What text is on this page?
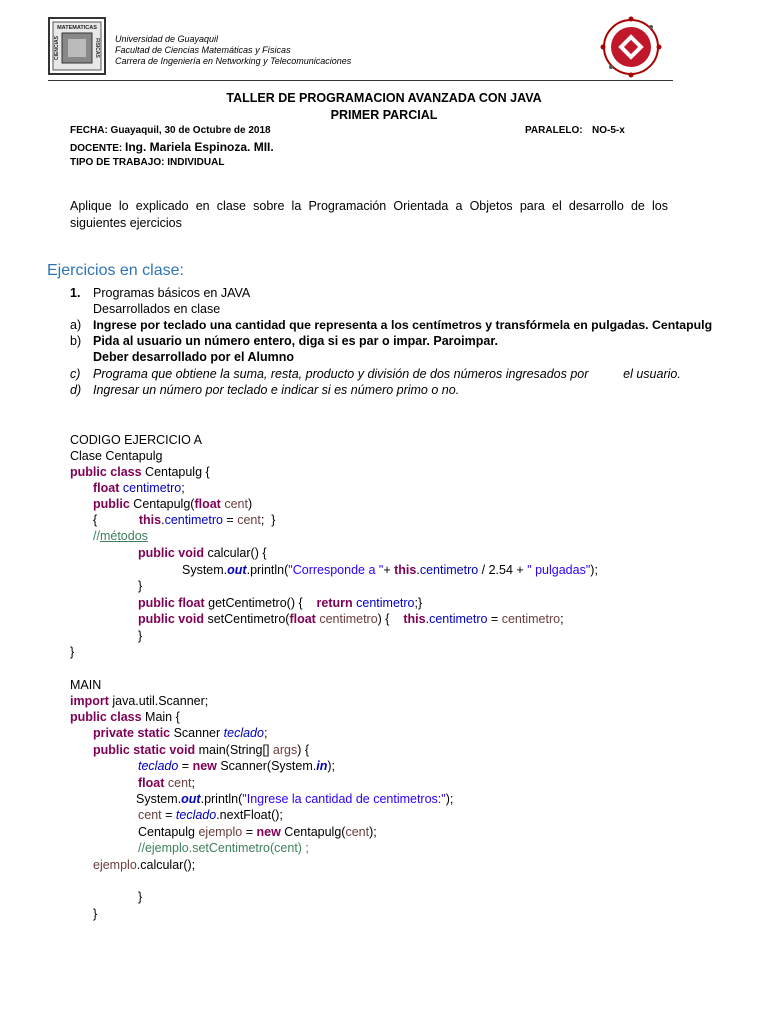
MATEMATICAS
CIENCIAS	FISICAS Universidad de Guayaquil
Facultad de Ciencias Matemáticas y Físicas
Carrera de Ingeniería en Networking y Telecomunicaciones
TALLER DE PROGRAMACION AVANZADA CON JAVA
PRIMER PARCIAL
FECHA: Guayaquil, 30 de Octubre de 2018	PARALELO: NO-5-x
DOCENTE: Ing. Mariela Espinoza. MII.
TIPO DE TRABAJO: INDIVIDUAL
Aplique lo explicado en clase sobre la Programación Orientada a Objetos para el desarrollo de los siguientes ejercicios
Ejercicios en clase:
1. Programas básicos en JAVA
Desarrollados en clase
a) Ingrese por teclado una cantidad que representa a los centímetros y transfórmela en pulgadas. Centapulg
b) Pida al usuario un número entero, diga si es par o impar. Paroimpar.
Deber desarrollado por el Alumno
c) Programa que obtiene la suma, resta, producto y división de dos números ingresados por          el usuario.
d) Ingresar un número por teclado e indicar si es número primo o no.
CODIGO EJERCICIO A
Clase Centapulg
public class Centapulg {
float centimetro;
public Centapulg(float cent)
{            this.centimetro = cent;  }
//métodos
public void calcular() {
System.out.println("Corresponde a "+ this.centimetro / 2.54 + " pulgadas");
}
public float getCentimetro() {    return centimetro;}
public void setCentimetro(float centimetro) {    this.centimetro = centimetro;
}
}
MAIN
import java.util.Scanner;
public class Main {
private static Scanner teclado;
public static void main(String[] args) {
teclado = new Scanner(System.in);
float cent;
System.out.println("Ingrese la cantidad de centimetros:");
cent = teclado.nextFloat();
Centapulg ejemplo = new Centapulg(cent);
//ejemplo.setCentimetro(cent) ;
ejemplo.calcular();
}
}
